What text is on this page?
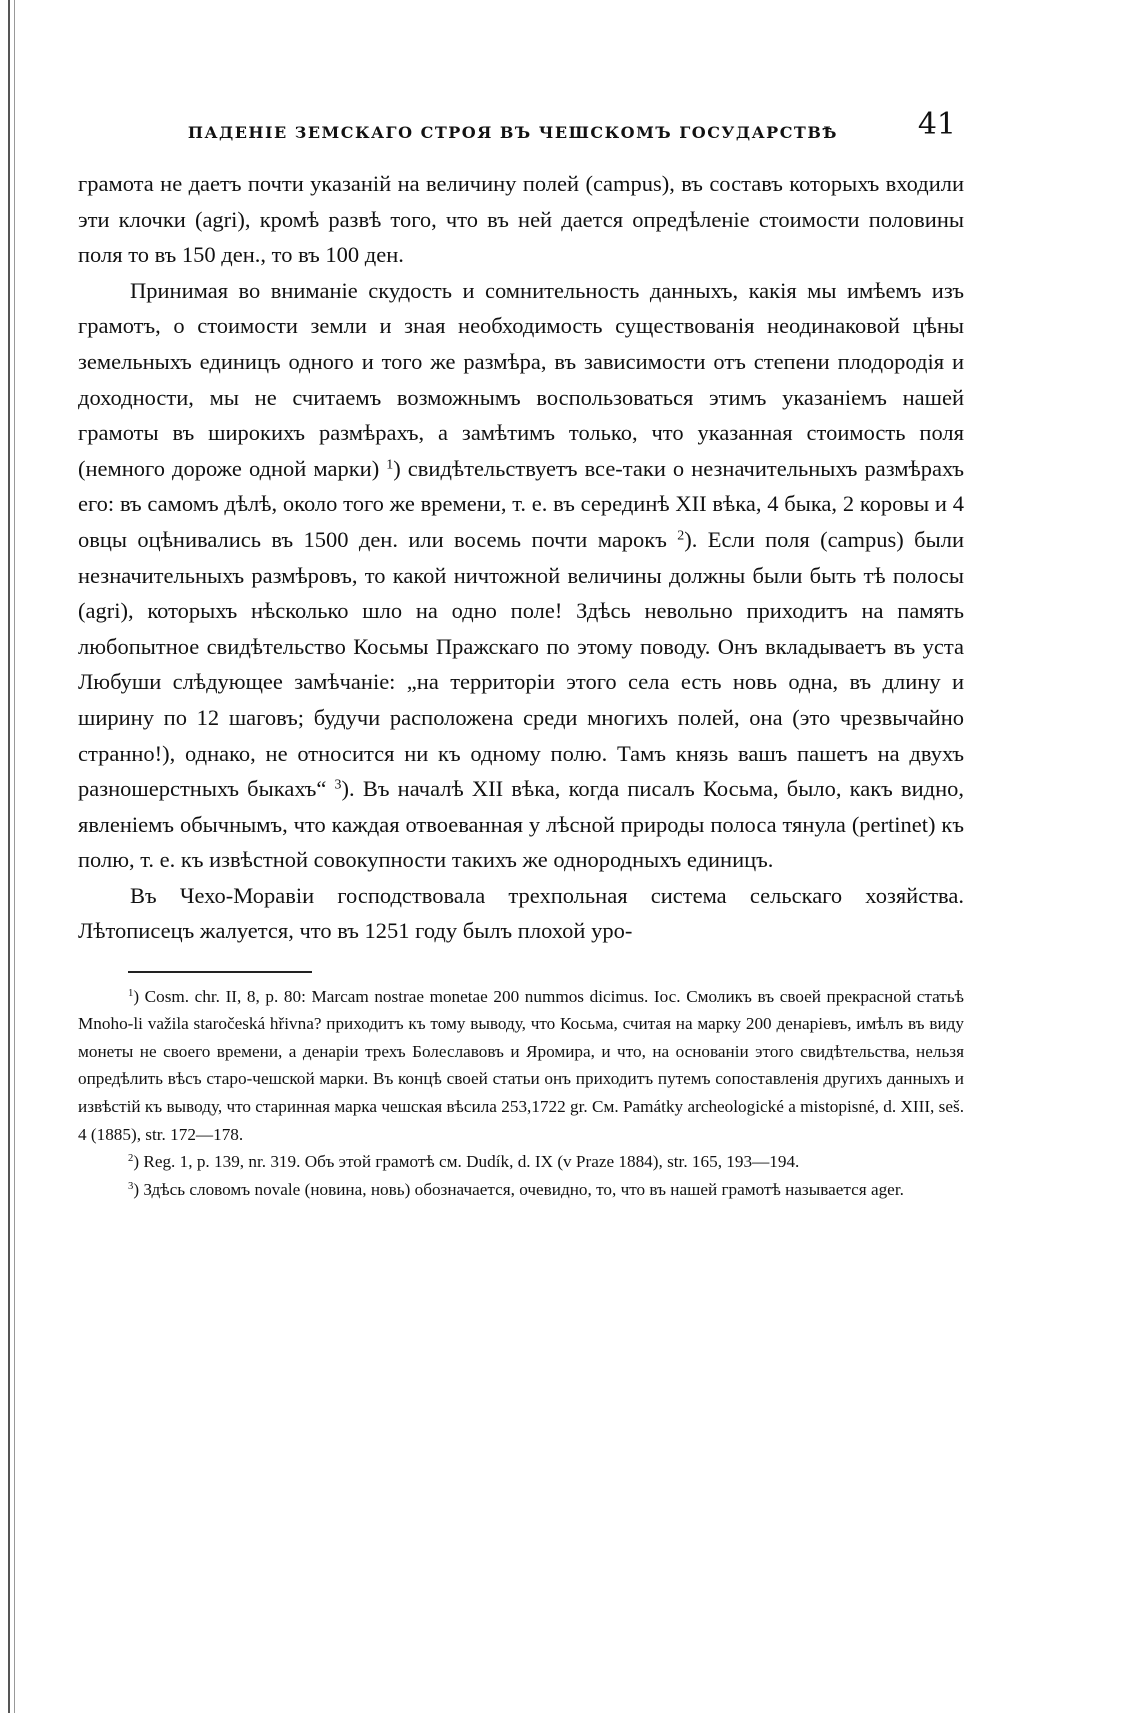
ПАДЕНІЕ ЗЕМСКАГО СТРОЯ ВЪ ЧЕШСКОМЪ ГОСУДАРСТВѢ	41

грамота не даетъ почти указаній на величину полей (campus), въ составъ которыхъ входили эти клочки (agri), кромѣ развѣ того, что въ ней дается опредѣленіе стоимости половины поля то въ 150 ден., то въ 100 ден.

Принимая во вниманіе скудость и сомнительность данныхъ, какія мы имѣемъ изъ грамотъ, о стоимости земли и зная необходимость существованія неодинаковой цѣны земельныхъ единицъ одного и того же размѣра, въ зависимости отъ степени плодородія и доходности, мы не считаемъ возможнымъ воспользоваться этимъ указаніемъ нашей грамоты въ широкихъ размѣрахъ, а замѣтимъ только, что указанная стоимость поля (немного дороже одной марки) $^1$) свидѣтельствуетъ все-таки о незначительныхъ размѣрахъ его: въ самомъ дѣлѣ, около того же времени, т. е. въ серединѣ XII вѣка, 4 быка, 2 коровы и 4 овцы оцѣнивались въ 1500 ден. или восемь почти марокъ $^2$). Если поля (campus) были незначительныхъ размѣровъ, то какой ничтожной величины должны были быть тѣ полосы (agri), которыхъ нѣсколько шло на одно поле! Здѣсь невольно приходитъ на память любопытное свидѣтельство Косьмы Пражскаго по этому поводу. Онъ вкладываетъ въ уста Любуши слѣдующее замѣчаніе: „на территоріи этого села есть новь одна, въ длину и ширину по 12 шаговъ; будучи расположена среди многихъ полей, она (это чрезвычайно странно!), однако, не относится ни къ одному полю. Тамъ князь вашъ пашетъ на двухъ разношерстныхъ быкахъ“ $^3$). Въ началѣ XII вѣка, когда писалъ Косьма, было, какъ видно, явленіемъ обычнымъ, что каждая отвоеванная у лѣсной природы полоса тянула (pertinet) къ полю, т. е. къ извѣстной совокупности такихъ же однородныхъ единицъ.

Въ Чехо-Моравіи господствовала трехпольная система сельскаго хозяйства. Лѣтописецъ жалуется, что въ 1251 году былъ плохой уро-

$^1$) Cosm. chr. II, 8, p. 80: Marcam nostrae monetae 200 nummos dicimus. Іос. Смоликъ въ своей прекрасной статьѣ Mnoho-li važila staročeská hřivna? приходитъ къ тому выводу, что Косьма, считая на марку 200 денаріевъ, имѣлъ въ виду монеты не своего времени, а денаріи трехъ Болеславовъ и Яромира, и что, на основаніи этого свидѣтельства, нельзя опредѣлить вѣсъ старо-чешской марки. Въ концѣ своей статьи онъ приходитъ путемъ сопоставленія другихъ данныхъ и извѣстій къ выводу, что старинная марка чешская вѣсила 253,1722 gr. См. Památky archeologické a mistopisné, d. XIII, seš. 4 (1885), str. 172—178.

$^2$) Reg. 1, p. 139, nr. 319. Объ этой грамотѣ см. Dudík, d. IX (v Praze 1884), str. 165, 193—194.

$^3$) Здѣсь словомъ novale (новина, новь) обозначается, очевидно, то, что въ нашей грамотѣ называется ager.
